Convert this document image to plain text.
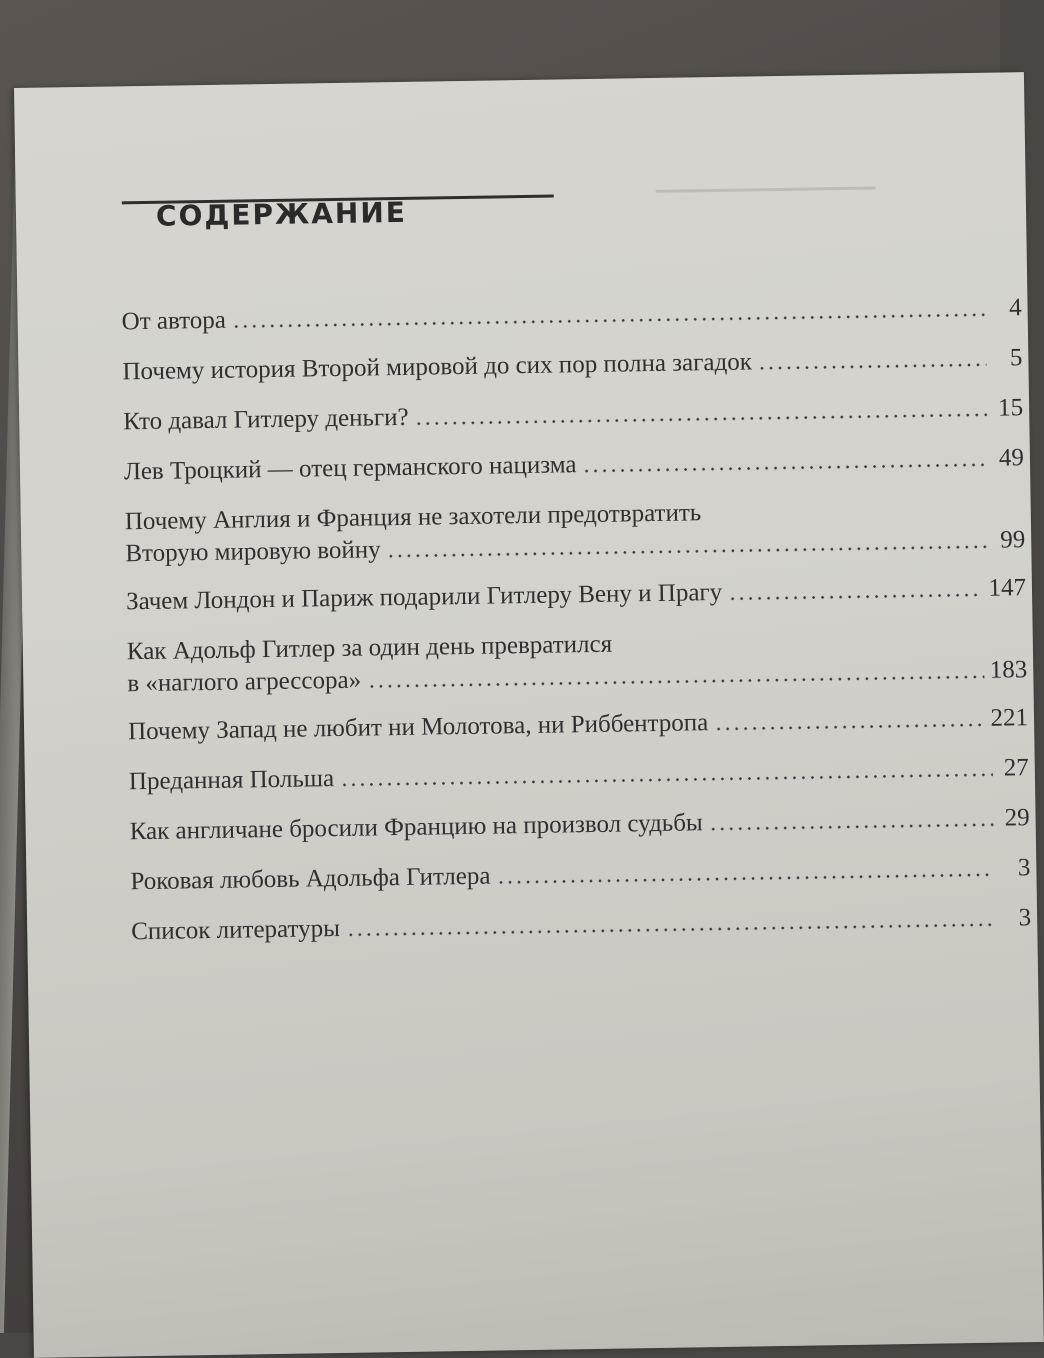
СОДЕРЖАНИЕ
От автора	4
Почему история Второй мировой до сих пор полна загадок	5
Кто давал Гитлеру деньги?	15
Лев Троцкий — отец германского нацизма	49
Почему Англия и Франция не захотели предотвратить
Вторую мировую войну	99
Зачем Лондон и Париж подарили Гитлеру Вену и Прагу	147
Как Адольф Гитлер за один день превратился
в «наглого агрессора»	183
Почему Запад не любит ни Молотова, ни Риббентропа	221
Преданная Польша	27
Как англичане бросили Францию на произвол судьбы	29
Роковая любовь Адольфа Гитлера	3
Список литературы	3
